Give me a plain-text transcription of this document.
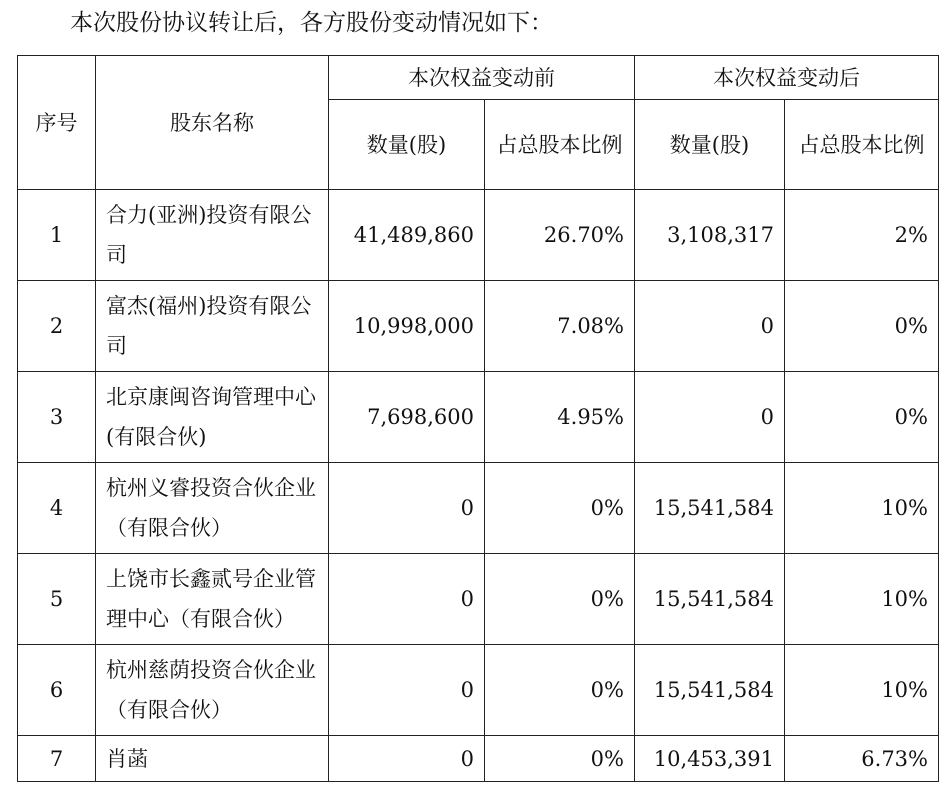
本次股份协议转让后，各方股份变动情况如下：
序号	股东名称	本次权益变动前		本次权益变动后	
		数量(股)	占总股本比例	数量(股)	占总股本比例
1	合力(亚洲)投资有限公司	41,489,860	26.70%	3,108,317	2%
2	富杰(福州)投资有限公司	10,998,000	7.08%	0	0%
3	北京康闽咨询管理中心(有限合伙)	7,698,600	4.95%	0	0%
4	杭州义睿投资合伙企业（有限合伙）	0	0%	15,541,584	10%
5	上饶市长鑫贰号企业管理中心（有限合伙）	0	0%	15,541,584	10%
6	杭州慈荫投资合伙企业（有限合伙）	0	0%	15,541,584	10%
7	肖菡	0	0%	10,453,391	6.73%
